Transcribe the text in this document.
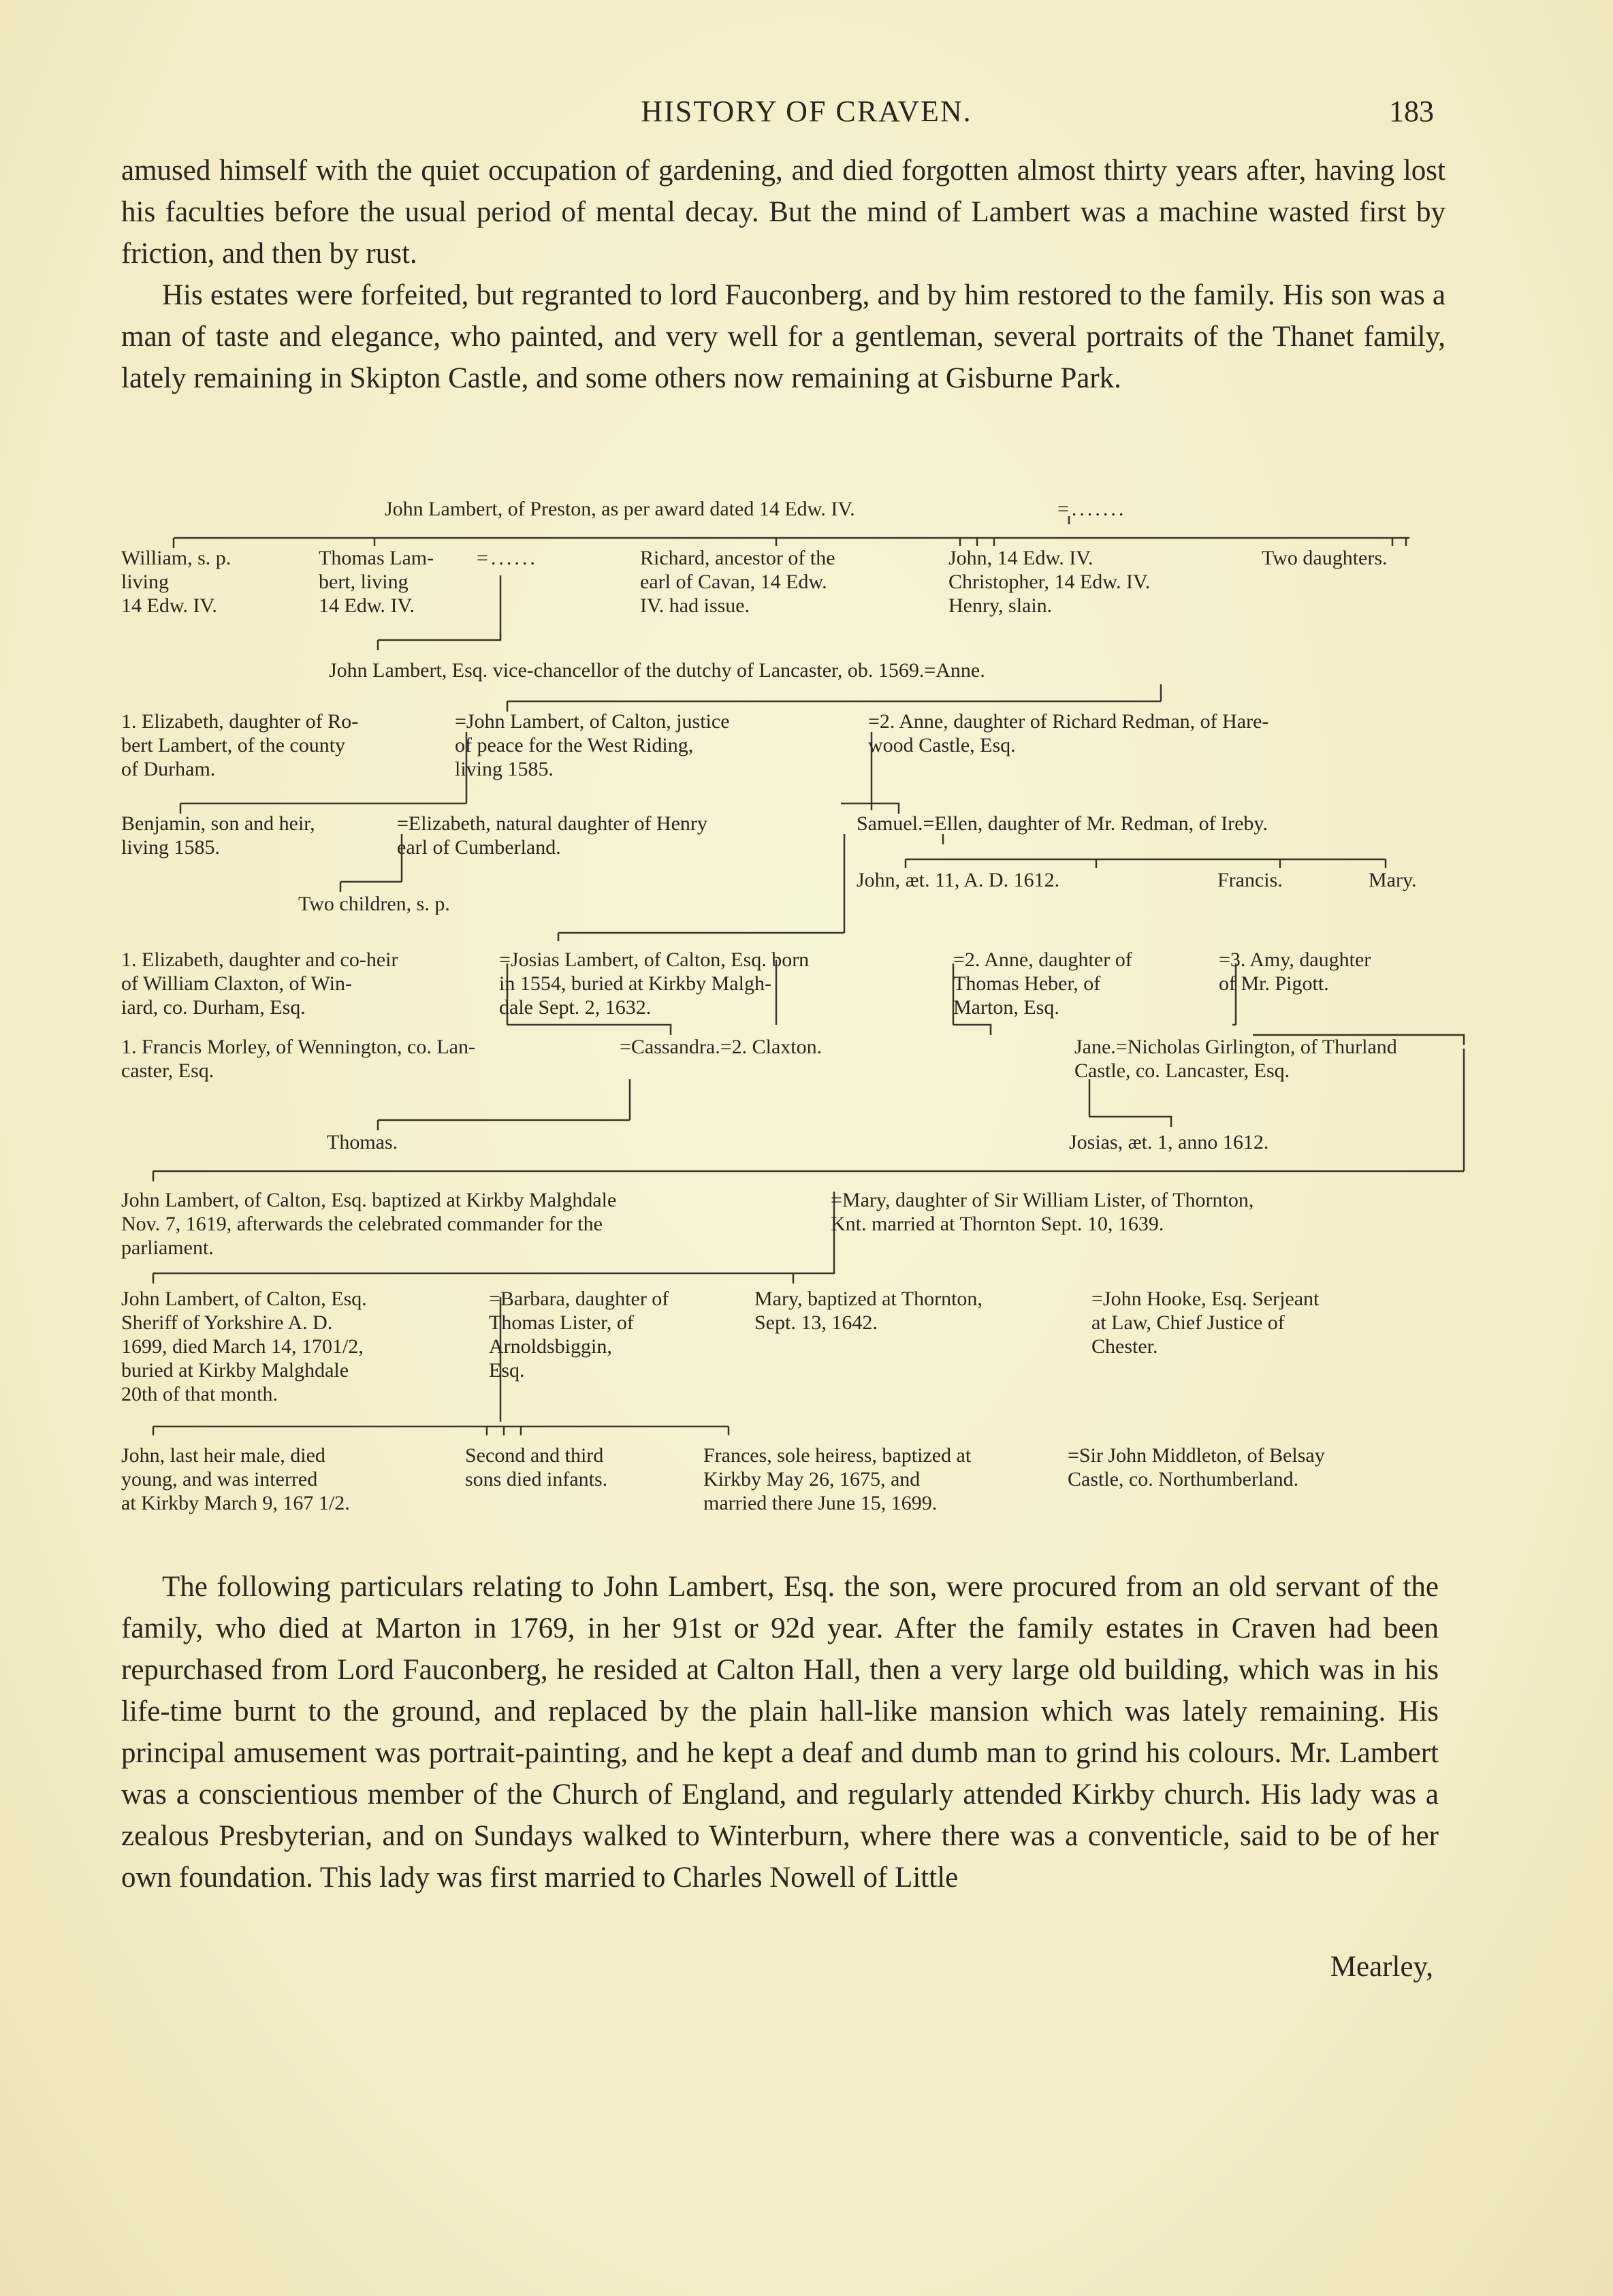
HISTORY OF CRAVEN.	183

amused himself with the quiet occupation of gardening, and died forgotten almost thirty years after, having lost his faculties before the usual period of mental decay. But the mind of Lambert was a machine wasted first by friction, and then by rust.

His estates were forfeited, but regranted to lord Fauconberg, and by him restored to the family. His son was a man of taste and elegance, who painted, and very well for a gentleman, several portraits of the Thanet family, lately remaining in Skipton Castle, and some others now remaining at Gisburne Park.

John Lambert, of Preston, as per award dated 14 Edw. IV.	=.......
William, s. p.
living
14 Edw. IV.
Thomas Lam-
bert, living
14 Edw. IV.
=......	Richard, ancestor of the
earl of Cavan, 14 Edw.
IV. had issue.
John, 14 Edw. IV.
Christopher, 14 Edw. IV.
Henry, slain.
Two daughters.
John Lambert, Esq. vice-chancellor of the dutchy of Lancaster, ob. 1569.=Anne.
1. Elizabeth, daughter of Ro-
bert Lambert, of the county
of Durham.
=John Lambert, of Calton, justice
of peace for the West Riding,
living 1585.
=2. Anne, daughter of Richard Redman, of Hare-
wood Castle, Esq.
Benjamin, son and heir,
living 1585.
=Elizabeth, natural daughter of Henry
earl of Cumberland.
Two children, s. p.
Samuel.=Ellen, daughter of Mr. Redman, of Ireby.
John, æt. 11, A. D. 1612.	Francis.	Mary.
1. Elizabeth, daughter and co-heir
of William Claxton, of Win-
iard, co. Durham, Esq.
=Josias Lambert, of Calton, Esq. born
in 1554, buried at Kirkby Malgh-
dale Sept. 2, 1632.
=2. Anne, daughter of
Thomas Heber, of
Marton, Esq.
=3. Amy, daughter
of Mr. Pigott.
1. Francis Morley, of Wennington, co. Lan-
caster, Esq.
=Cassandra.=2. Claxton.	Jane.=Nicholas Girlington, of Thurland
Castle, co. Lancaster, Esq.
Thomas.	Josias, æt. 1, anno 1612.
John Lambert, of Calton, Esq. baptized at Kirkby Malghdale
Nov. 7, 1619, afterwards the celebrated commander for the
parliament.
=Mary, daughter of Sir William Lister, of Thornton,
Knt. married at Thornton Sept. 10, 1639.
John Lambert, of Calton, Esq.
Sheriff of Yorkshire A. D.
1699, died March 14, 1701/2,
buried at Kirkby Malghdale
20th of that month.
=Barbara, daughter of
Thomas Lister, of
Arnoldsbiggin,
Esq.
Mary, baptized at Thornton,
Sept. 13, 1642.
=John Hooke, Esq. Serjeant
at Law, Chief Justice of
Chester.
John, last heir male, died
young, and was interred
at Kirkby March 9, 167 1/2.
Second and third
sons died infants.
Frances, sole heiress, baptized at
Kirkby May 26, 1675, and
married there June 15, 1699.
=Sir John Middleton, of Belsay
Castle, co. Northumberland.
The following particulars relating to John Lambert, Esq. the son, were procured from an old servant of the family, who died at Marton in 1769, in her 91st or 92d year. After the family estates in Craven had been repurchased from Lord Fauconberg, he resided at Calton Hall, then a very large old building, which was in his life-time burnt to the ground, and replaced by the plain hall-like mansion which was lately remaining. His principal amusement was portrait-painting, and he kept a deaf and dumb man to grind his colours. Mr. Lambert was a conscientious member of the Church of England, and regularly attended Kirkby church. His lady was a zealous Presbyterian, and on Sundays walked to Winterburn, where there was a conventicle, said to be of her own foundation. This lady was first married to Charles Nowell of Little
Mearley,
